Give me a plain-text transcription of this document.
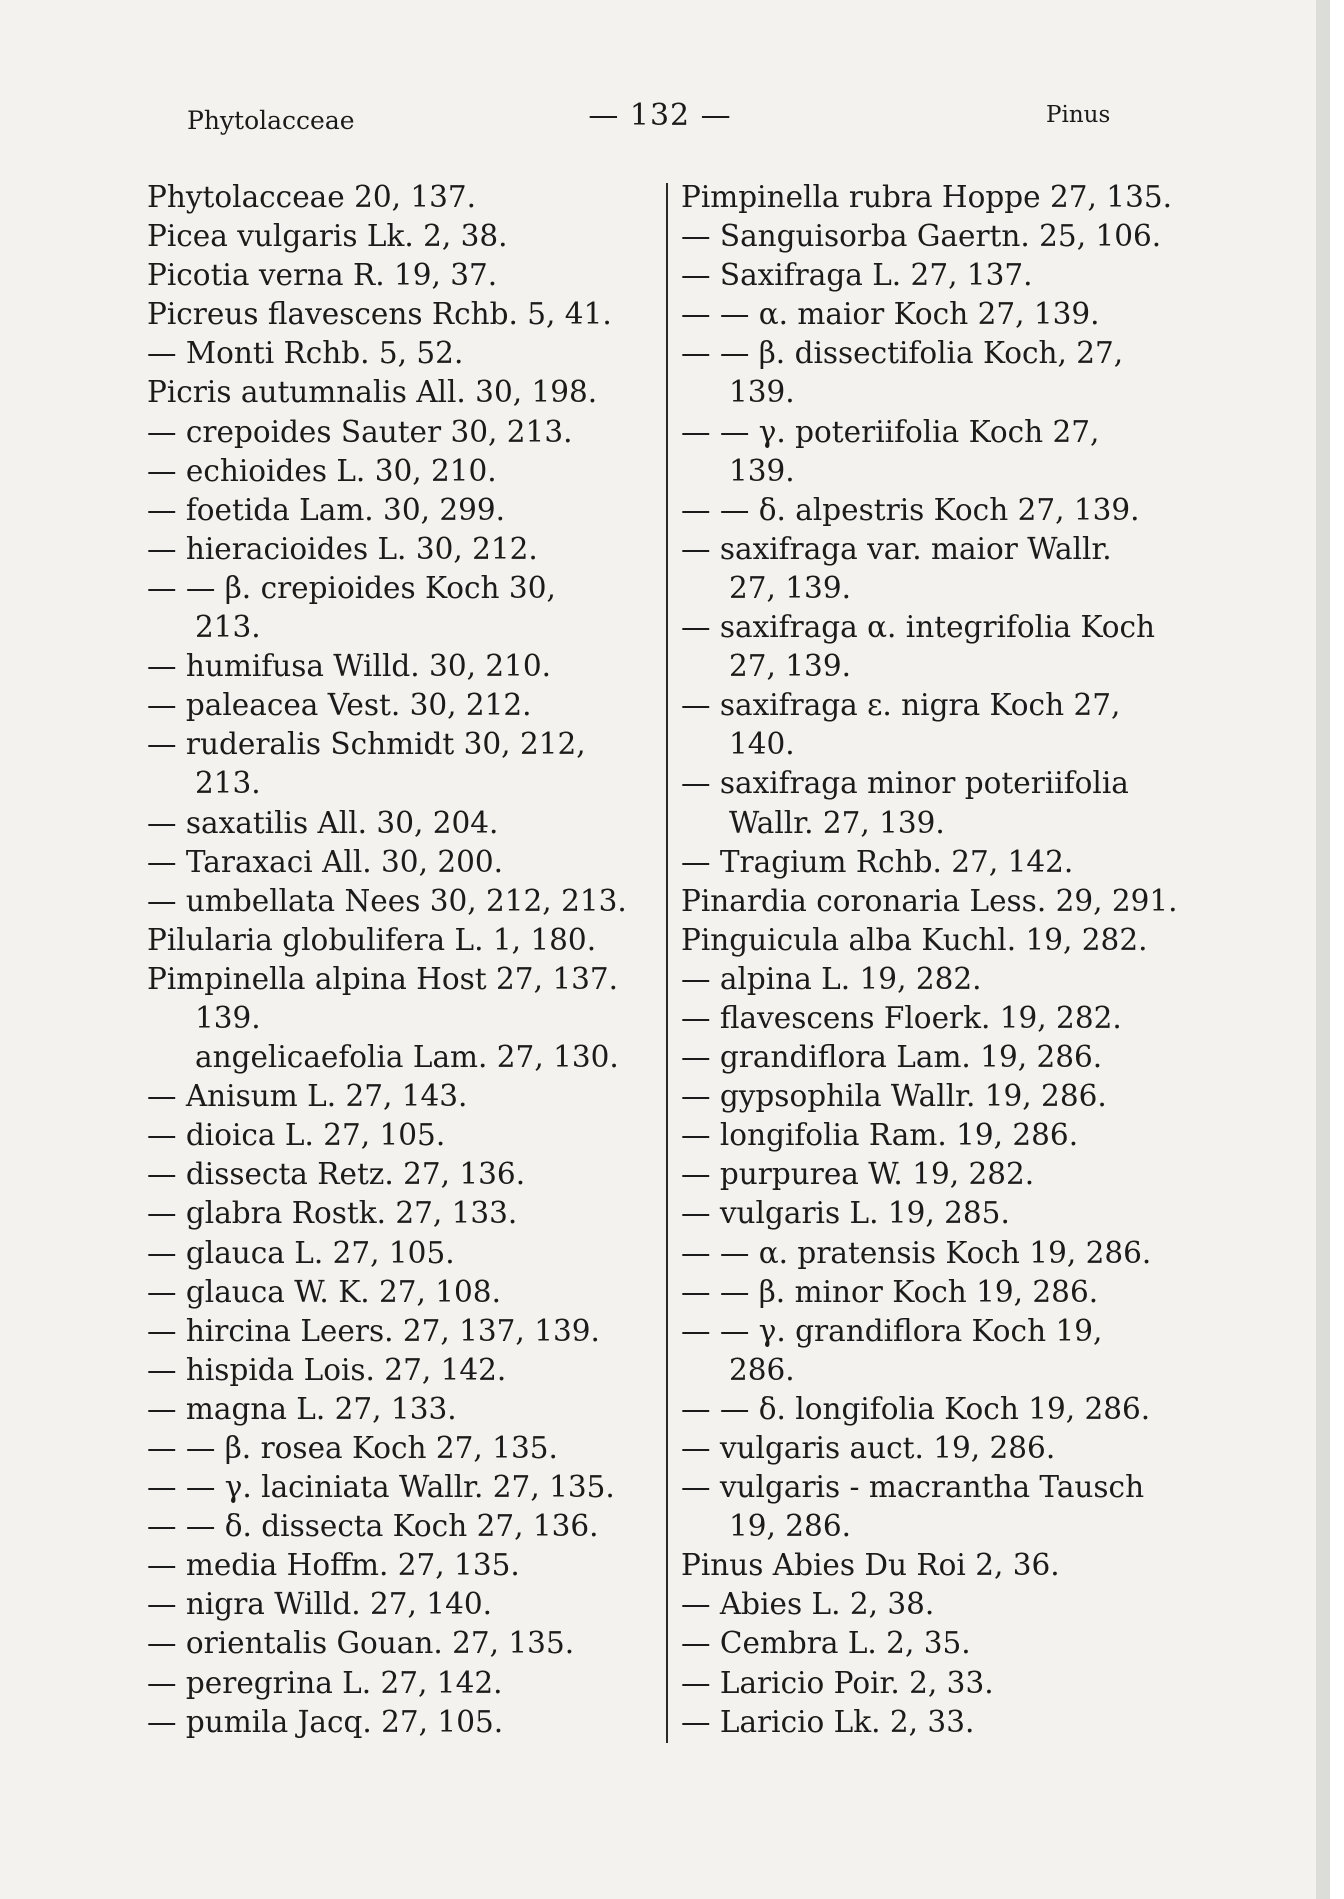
Phytolacceae	— 132 —	Pinus
Phytolacceae 20, 137.
Picea vulgaris Lk. 2, 38.
Picotia verna R. 19, 37.
Picreus flavescens Rchb. 5, 41.
— Monti Rchb. 5, 52.
Picris autumnalis All. 30, 198.
— crepoides Sauter 30, 213.
— echioides L. 30, 210.
— foetida Lam. 30, 299.
— hieracioides L. 30, 212.
— — β. crepioides Koch 30,
213.
— humifusa Willd. 30, 210.
— paleacea Vest. 30, 212.
— ruderalis Schmidt 30, 212,
213.
— saxatilis All. 30, 204.
— Taraxaci All. 30, 200.
— umbellata Nees 30, 212, 213.
Pilularia globulifera L. 1, 180.
Pimpinella alpina Host 27, 137.
139.
angelicaefolia Lam. 27, 130.
— Anisum L. 27, 143.
— dioica L. 27, 105.
— dissecta Retz. 27, 136.
— glabra Rostk. 27, 133.
— glauca L. 27, 105.
— glauca W. K. 27, 108.
— hircina Leers. 27, 137, 139.
— hispida Lois. 27, 142.
— magna L. 27, 133.
— — β. rosea Koch 27, 135.
— — γ. laciniata Wallr. 27, 135.
— — δ. dissecta Koch 27, 136.
— media Hoffm. 27, 135.
— nigra Willd. 27, 140.
— orientalis Gouan. 27, 135.
— peregrina L. 27, 142.
— pumila Jacq. 27, 105.
Pimpinella rubra Hoppe 27, 135.
— Sanguisorba Gaertn. 25, 106.
— Saxifraga L. 27, 137.
— — α. maior Koch 27, 139.
— — β. dissectifolia Koch, 27,
139.
— — γ. poteriifolia Koch 27,
139.
— — δ. alpestris Koch 27, 139.
— saxifraga var. maior Wallr.
27, 139.
— saxifraga α. integrifolia Koch
27, 139.
— saxifraga ε. nigra Koch 27,
140.
— saxifraga minor poteriifolia
Wallr. 27, 139.
— Tragium Rchb. 27, 142.
Pinardia coronaria Less. 29, 291.
Pinguicula alba Kuchl. 19, 282.
— alpina L. 19, 282.
— flavescens Floerk. 19, 282.
— grandiflora Lam. 19, 286.
— gypsophila Wallr. 19, 286.
— longifolia Ram. 19, 286.
— purpurea W. 19, 282.
— vulgaris L. 19, 285.
— — α. pratensis Koch 19, 286.
— — β. minor Koch 19, 286.
— — γ. grandiflora Koch 19,
286.
— — δ. longifolia Koch 19, 286.
— vulgaris auct. 19, 286.
— vulgaris - macrantha Tausch
19, 286.
Pinus Abies Du Roi 2, 36.
— Abies L. 2, 38.
— Cembra L. 2, 35.
— Laricio Poir. 2, 33.
— Laricio Lk. 2, 33.
